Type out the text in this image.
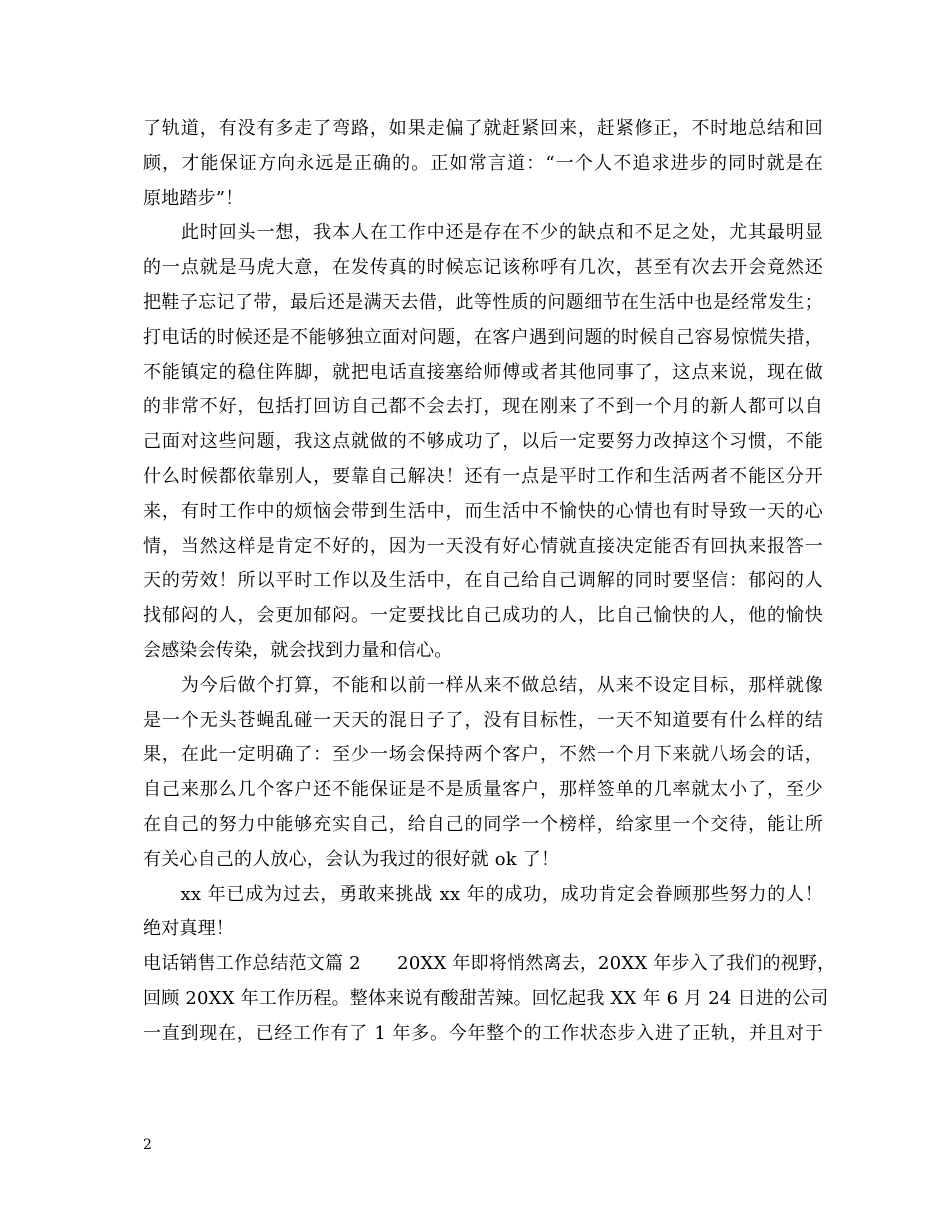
了轨道，有没有多走了弯路，如果走偏了就赶紧回来，赶紧修正，不时地总结和回
顾，才能保证方向永远是正确的。正如常言道：“一个人不追求进步的同时就是在
原地踏步”！
　　此时回头一想，我本人在工作中还是存在不少的缺点和不足之处，尤其最明显
的一点就是马虎大意，在发传真的时候忘记该称呼有几次，甚至有次去开会竟然还
把鞋子忘记了带，最后还是满天去借，此等性质的问题细节在生活中也是经常发生；
打电话的时候还是不能够独立面对问题，在客户遇到问题的时候自己容易惊慌失措，
不能镇定的稳住阵脚，就把电话直接塞给师傅或者其他同事了，这点来说，现在做
的非常不好，包括打回访自己都不会去打，现在刚来了不到一个月的新人都可以自
己面对这些问题，我这点就做的不够成功了，以后一定要努力改掉这个习惯，不能
什么时候都依靠别人，要靠自己解决！还有一点是平时工作和生活两者不能区分开
来，有时工作中的烦恼会带到生活中，而生活中不愉快的心情也有时导致一天的心
情，当然这样是肯定不好的，因为一天没有好心情就直接决定能否有回执来报答一
天的劳效！所以平时工作以及生活中，在自己给自己调解的同时要坚信：郁闷的人
找郁闷的人，会更加郁闷。一定要找比自己成功的人，比自己愉快的人，他的愉快
会感染会传染，就会找到力量和信心。
　　为今后做个打算，不能和以前一样从来不做总结，从来不设定目标，那样就像
是一个无头苍蝇乱碰一天天的混日子了，没有目标性，一天不知道要有什么样的结
果，在此一定明确了：至少一场会保持两个客户，不然一个月下来就八场会的话，
自己来那么几个客户还不能保证是不是质量客户，那样签单的几率就太小了，至少
在自己的努力中能够充实自己，给自己的同学一个榜样，给家里一个交待，能让所
有关心自己的人放心，会认为我过的很好就 ok 了！
　　xx 年已成为过去，勇敢来挑战 xx 年的成功，成功肯定会眷顾那些努力的人！
绝对真理！
电话销售工作总结范文篇 2　　20XX 年即将悄然离去，20XX 年步入了我们的视野，
回顾 20XX 年工作历程。整体来说有酸甜苦辣。回忆起我 XX 年 6 月 24 日进的公司
一直到现在，已经工作有了 1 年多。今年整个的工作状态步入进了正轨，并且对于
2
